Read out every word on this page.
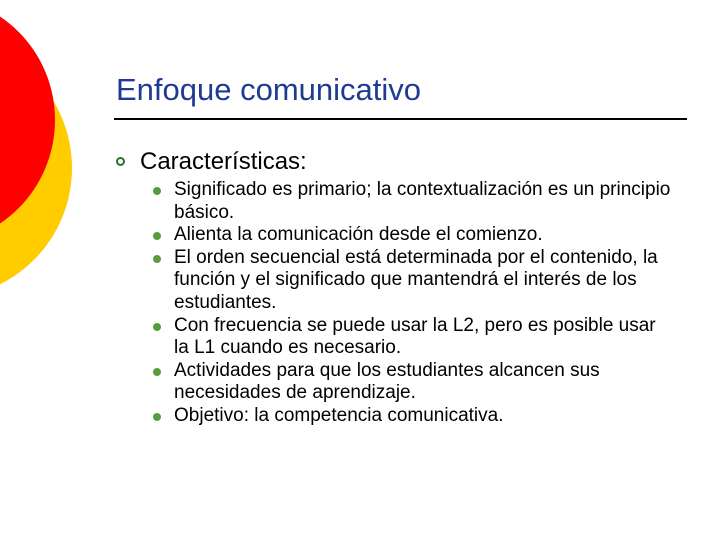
Enfoque comunicativo
Características:
Significado es primario; la contextualización es un principio básico.
Alienta la comunicación desde el comienzo.
El orden secuencial está determinada por el contenido, la función y el significado que mantendrá el interés de los estudiantes.
Con frecuencia se puede usar la L2, pero es posible usar la L1 cuando es necesario.
Actividades para que los estudiantes alcancen sus necesidades de aprendizaje.
Objetivo: la competencia comunicativa.
